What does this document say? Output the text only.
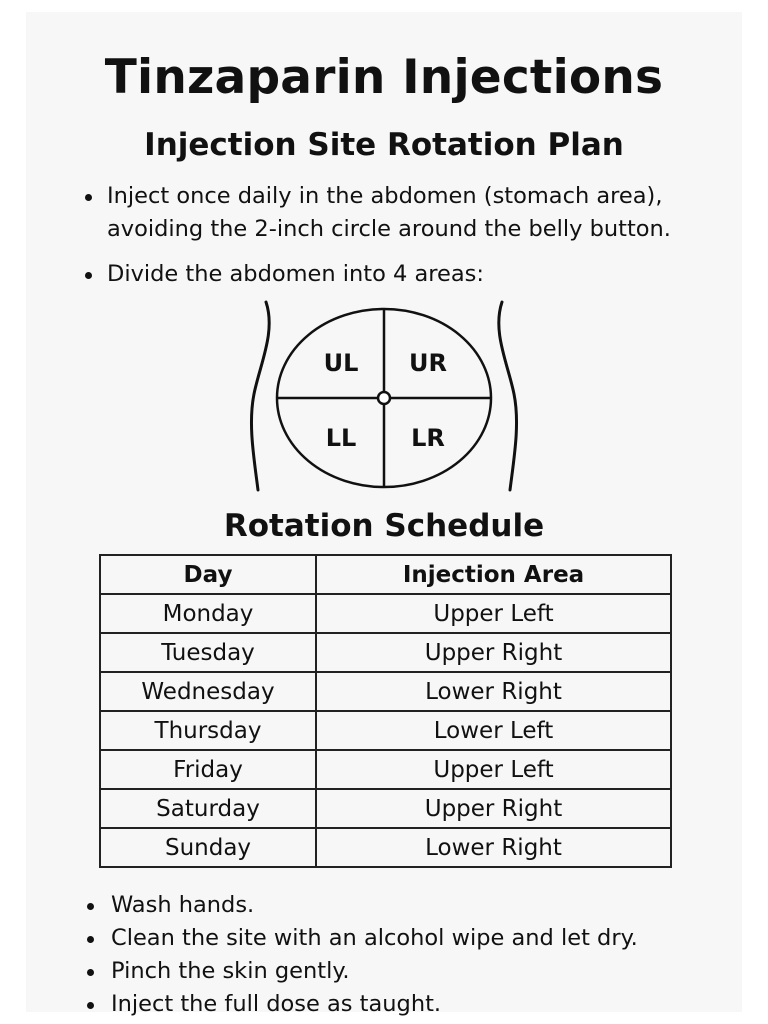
Tinzaparin Injections
Injection Site Rotation Plan
Inject once daily in the abdomen (stomach area), avoiding the 2-inch circle around the belly button.
Divide the abdomen into 4 areas:
UL UR
LL LR
Rotation Schedule
Day	Injection Area
Monday	Upper Left
Tuesday	Upper Right
Wednesday	Lower Right
Thursday	Lower Left
Friday	Upper Left
Saturday	Upper Right
Sunday	Lower Right
Wash hands.
Clean the site with an alcohol wipe and let dry.
Pinch the skin gently.
Inject the full dose as taught.
